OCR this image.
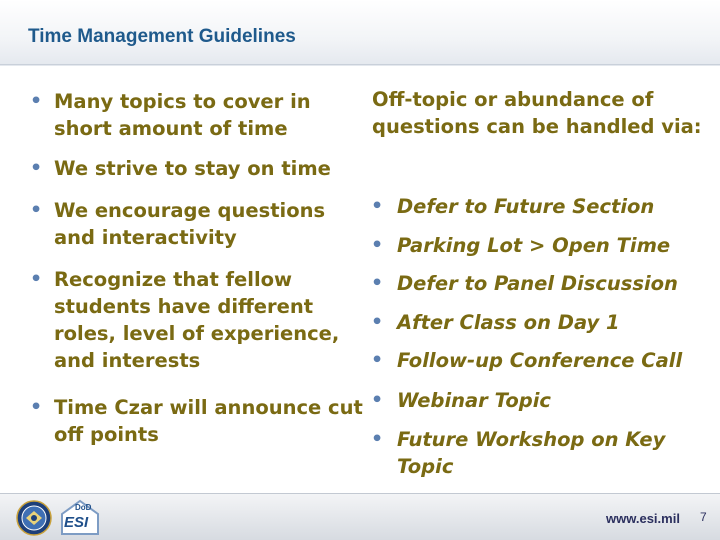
Time Management Guidelines
• Many topics to cover in
short amount of time
• We strive to stay on time
• We encourage questions
and interactivity
• Recognize that fellow
students have different
roles, level of experience,
and interests
• Time Czar will announce cut
off points
Off-topic or abundance of
questions can be handled via:
• Defer to Future Section
• Parking Lot > Open Time
• Defer to Panel Discussion
• After Class on Day 1
• Follow-up Conference Call
• Webinar Topic
• Future Workshop on Key
Topic
DoD
ESI	www.esi.mil 7
